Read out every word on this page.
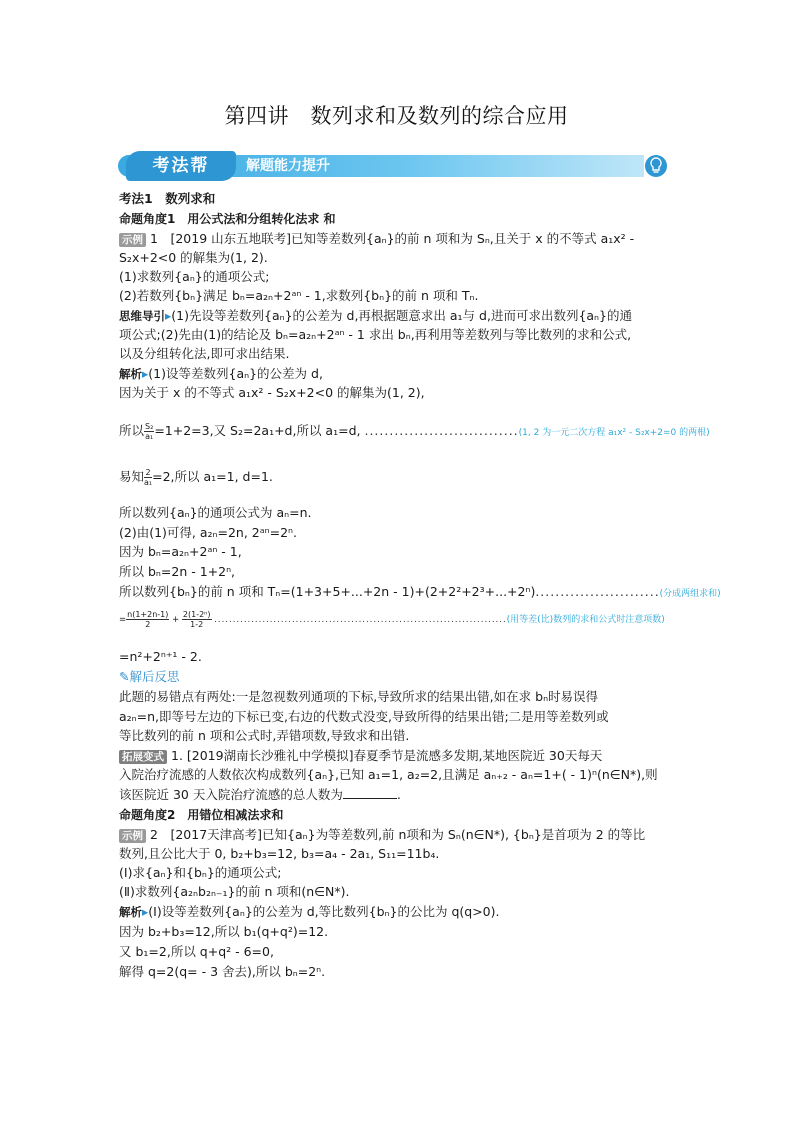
第四讲　数列求和及数列的综合应用
考法帮	解题能力提升
考法1　数列求和
命题角度1　用公式法和分组转化法求 和
示例 1　[2019 山东五地联考]已知等差数列{aₙ}的前 n 项和为 Sₙ,且关于 x 的不等式 a₁x² -
S₂x+2<0 的解集为(1, 2).
(1)求数列{aₙ}的通项公式;
(2)若数列{bₙ}满足 bₙ=a₂ₙ+2ᵃⁿ - 1,求数列{bₙ}的前 n 项和 Tₙ.
思维导引▸(1)先设等差数列{aₙ}的公差为 d,再根据题意求出 a₁与 d,进而可求出数列{aₙ}的通
项公式;(2)先由(1)的结论及 bₙ=a₂ₙ+2ᵃⁿ - 1 求出 bₙ,再利用等差数列与等比数列的求和公式,
以及分组转化法,即可求出结果.
解析▸(1)设等差数列{aₙ}的公差为 d,
因为关于 x 的不等式 a₁x² - S₂x+2<0 的解集为(1, 2),
所以 $\frac{\text{S₂}}{\text{a₁}} =1+2=3$,又 S₂=2a₁+d,所以 a₁=d, ...............................(1, 2 为一元二次方程 a₁x² - S₂x+2=0 的两根)
易知 $\frac{2}{\text{a₁}} =2$,所以 a₁=1, d=1.
所以数列{aₙ}的通项公式为 aₙ=n.
(2)由(1)可得, a₂ₙ=2n, 2ᵃⁿ=2ⁿ.
因为 bₙ=a₂ₙ+2ᵃⁿ - 1,
所以 bₙ=2n - 1+2ⁿ,
所以数列{bₙ}的前 n 项和 Tₙ=(1+3+5+...+2n - 1)+(2+2²+2³+...+2ⁿ).........................(分成两组求和)
= $\frac{n(1+2n-1)}{2} + \frac{\text{2(1-2ⁿ)}}{1-2}$ ...............................................................................(用等差(比)数列的求和公式时注意项数)
=n²+2ⁿ⁺¹ - 2.
✎解后反思
此题的易错点有两处:一是忽视数列通项的下标,导致所求的结果出错,如在求 bₙ时易误得
a₂ₙ=n,即等号左边的下标已变,右边的代数式没变,导致所得的结果出错;二是用等差数列或
等比数列的前 n 项和公式时,弄错项数,导致求和出错.
拓展变式 1. [2019湖南长沙雅礼中学模拟]春夏季节是流感多发期,某地医院近 30天每天
入院治疗流感的人数依次构成数列{aₙ},已知 a₁=1, a₂=2,且满足 aₙ₊₂ - aₙ=1+( - 1)ⁿ(n∈N*),则
该医院近 30 天入院治疗流感的总人数为	.
命题角度2　用错位相减法求和
示例 2　[2017天津高考]已知{aₙ}为等差数列,前 n项和为 Sₙ(n∈N*), {bₙ}是首项为 2 的等比
数列,且公比大于 0, b₂+b₃=12, b₃=a₄ - 2a₁, S₁₁=11b₄.
(Ⅰ)求{aₙ}和{bₙ}的通项公式;
(Ⅱ)求数列{a₂ₙb₂ₙ₋₁}的前 n 项和(n∈N*).
解析▸(Ⅰ)设等差数列{aₙ}的公差为 d,等比数列{bₙ}的公比为 q(q>0).
因为 b₂+b₃=12,所以 b₁(q+q²)=12.
又 b₁=2,所以 q+q² - 6=0,
解得 q=2(q= - 3 舍去),所以 bₙ=2ⁿ.
